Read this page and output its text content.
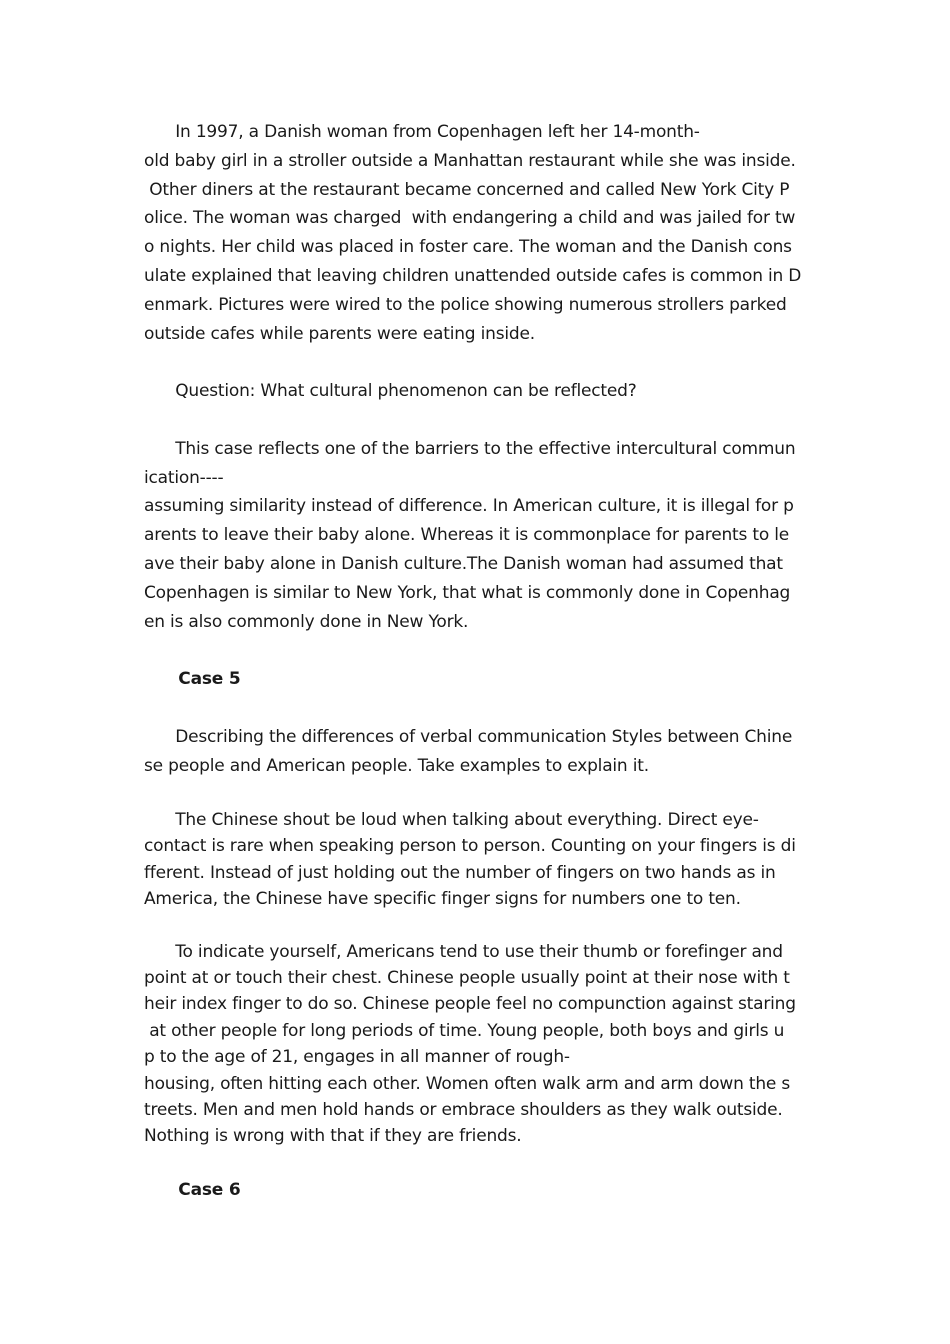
In 1997, a Danish woman from Copenhagen left her 14-month-
old baby girl in a stroller outside a Manhattan restaurant while she was inside.
Other diners at the restaurant became concerned and called New York City P
olice. The woman was charged  with endangering a child and was jailed for tw
o nights. Her child was placed in foster care. The woman and the Danish cons
ulate explained that leaving children unattended outside cafes is common in D
enmark. Pictures were wired to the police showing numerous strollers parked
outside cafes while parents were eating inside.
Question: What cultural phenomenon can be reflected?
This case reflects one of the barriers to the effective intercultural commun
ication----
assuming similarity instead of difference. In American culture, it is illegal for p
arents to leave their baby alone. Whereas it is commonplace for parents to le
ave their baby alone in Danish culture.The Danish woman had assumed that
Copenhagen is similar to New York, that what is commonly done in Copenhag
en is also commonly done in New York.
Case 5
Describing the differences of verbal communication Styles between Chine
se people and American people. Take examples to explain it.
The Chinese shout be loud when talking about everything. Direct eye-
contact is rare when speaking person to person. Counting on your fingers is di
fferent. Instead of just holding out the number of fingers on two hands as in
America, the Chinese have specific finger signs for numbers one to ten.
To indicate yourself, Americans tend to use their thumb or forefinger and
point at or touch their chest. Chinese people usually point at their nose with t
heir index finger to do so. Chinese people feel no compunction against staring
at other people for long periods of time. Young people, both boys and girls u
p to the age of 21, engages in all manner of rough-
housing, often hitting each other. Women often walk arm and arm down the s
treets. Men and men hold hands or embrace shoulders as they walk outside.
Nothing is wrong with that if they are friends.
Case 6
